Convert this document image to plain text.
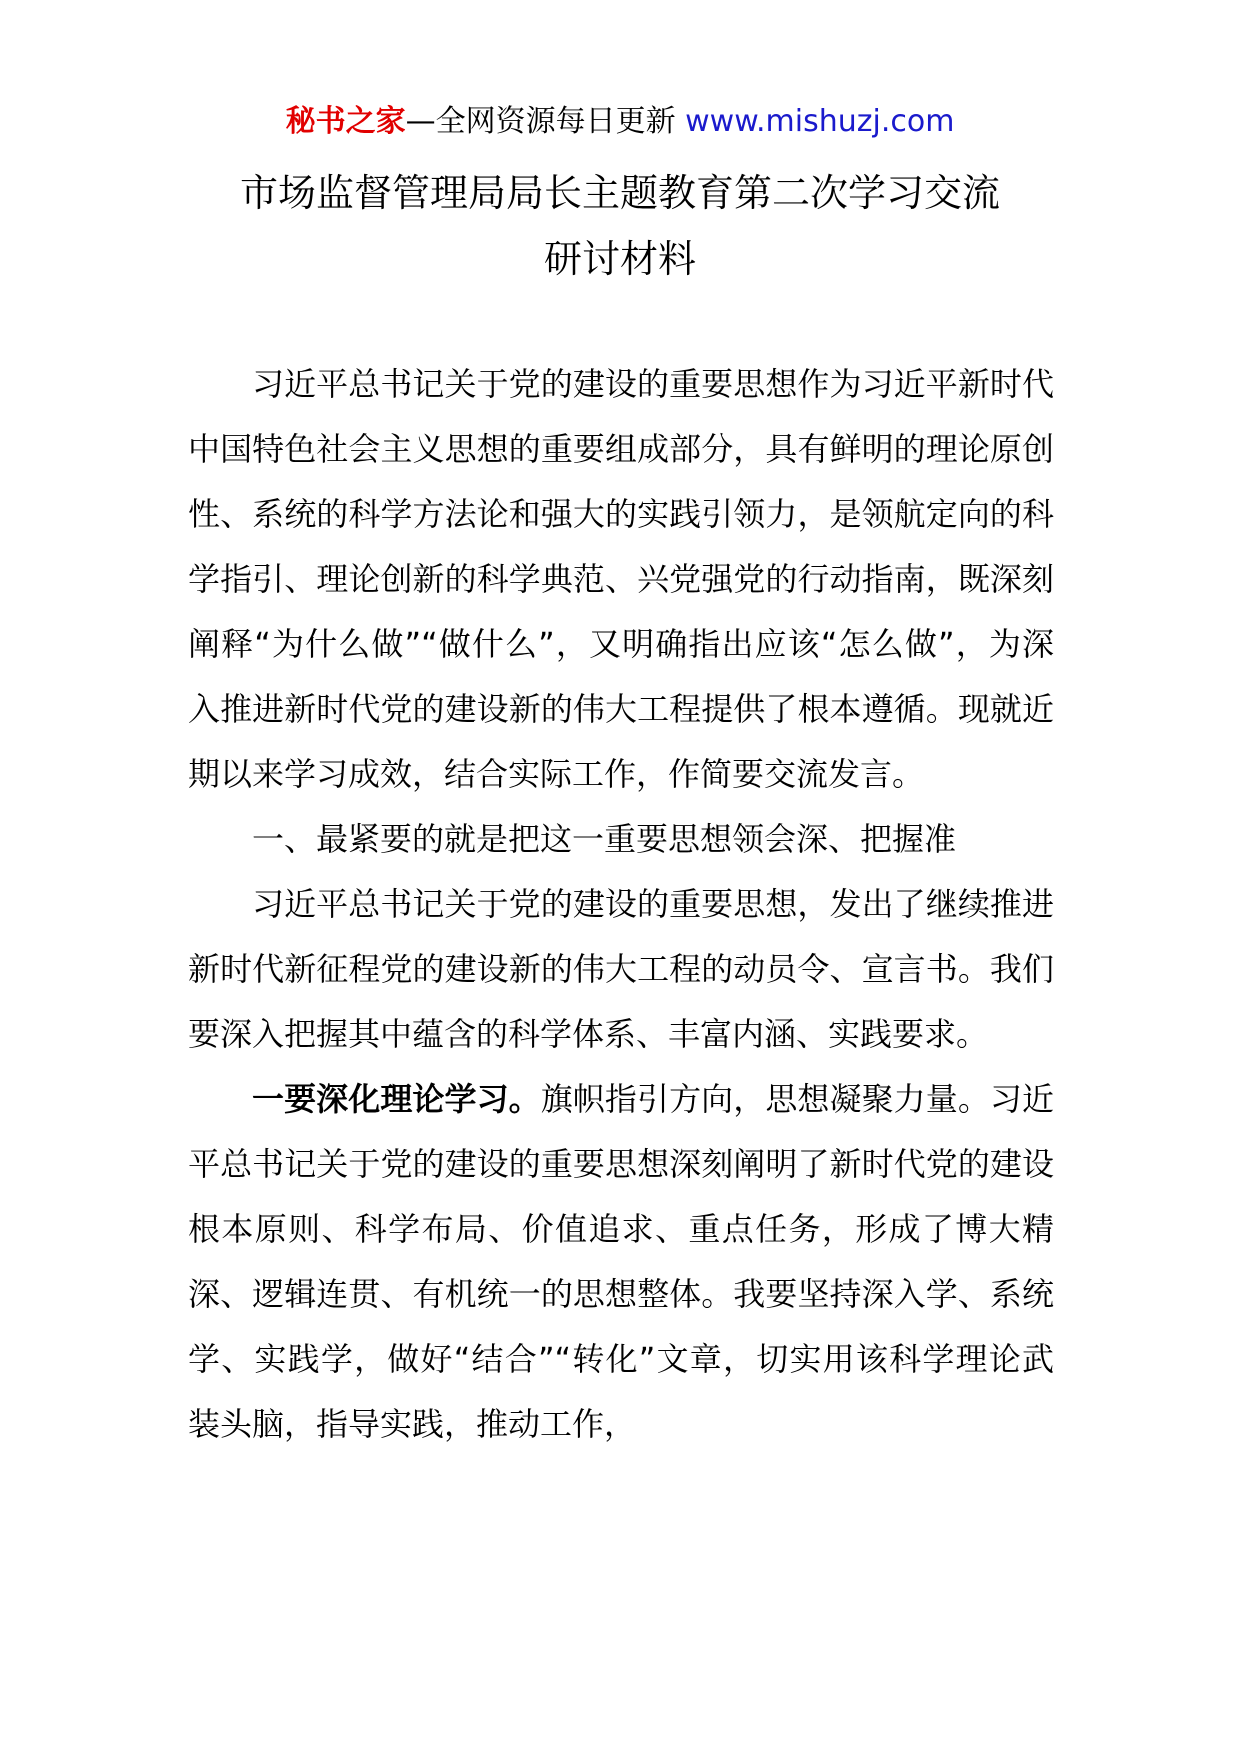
秘书之家—全网资源每日更新 www.mishuzj.com
市场监督管理局局长主题教育第二次学习交流
研讨材料

习近平总书记关于党的建设的重要思想作为习近平新时代中国特色社会主义思想的重要组成部分，具有鲜明的理论原创性、系统的科学方法论和强大的实践引领力，是领航定向的科学指引、理论创新的科学典范、兴党强党的行动指南，既深刻阐释“为什么做”“做什么”，又明确指出应该“怎么做”，为深入推进新时代党的建设新的伟大工程提供了根本遵循。现就近期以来学习成效，结合实际工作，作简要交流发言。

一、最紧要的就是把这一重要思想领会深、把握准

习近平总书记关于党的建设的重要思想，发出了继续推进新时代新征程党的建设新的伟大工程的动员令、宣言书。我们要深入把握其中蕴含的科学体系、丰富内涵、实践要求。

一要深化理论学习。旗帜指引方向，思想凝聚力量。习近平总书记关于党的建设的重要思想深刻阐明了新时代党的建设根本原则、科学布局、价值追求、重点任务，形成了博大精深、逻辑连贯、有机统一的思想整体。我要坚持深入学、系统学、实践学，做好“结合”“转化”文章，切实用该科学理论武装头脑，指导实践，推动工作，
